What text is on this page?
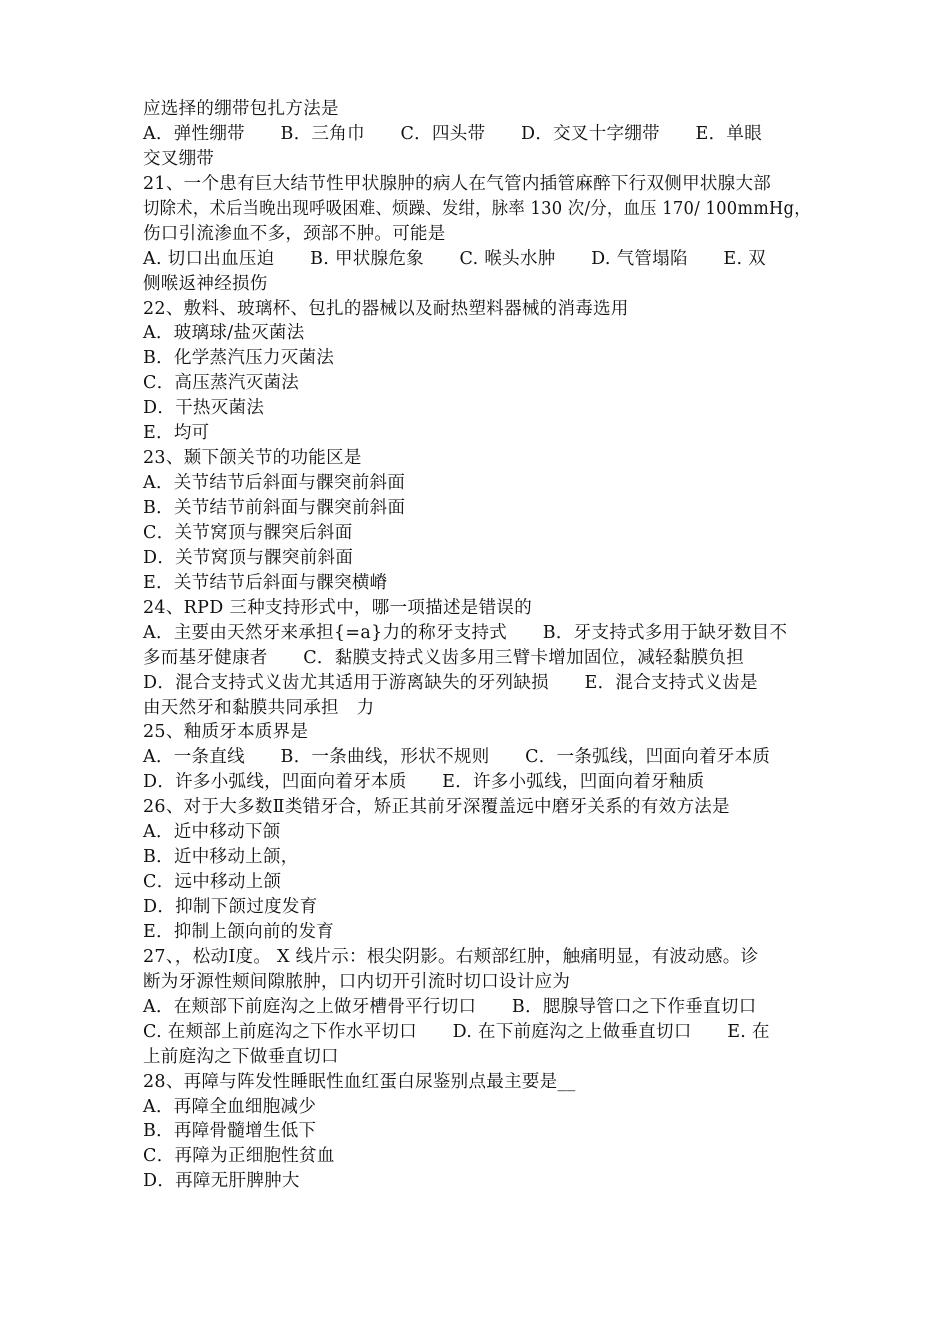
应选择的绷带包扎方法是
A．弹性绷带　　B．三角巾　　C．四头带　　D．交叉十字绷带　　E．单眼
交叉绷带
21、一个患有巨大结节性甲状腺肿的病人在气管内插管麻醉下行双侧甲状腺大部
切除术，术后当晚出现呼吸困难、烦躁、发绀，脉率 130 次/分，血压 170/ 100mmHg，
伤口引流渗血不多，颈部不肿。可能是
A. 切口出血压迫　　B. 甲状腺危象　　C. 喉头水肿　　D. 气管塌陷　　E. 双
侧喉返神经损伤
22、敷料、玻璃杯、包扎的器械以及耐热塑料器械的消毒选用
A．玻璃球/盐灭菌法
B．化学蒸汽压力灭菌法
C．高压蒸汽灭菌法
D．干热灭菌法
E．均可
23、颞下颌关节的功能区是
A．关节结节后斜面与髁突前斜面
B．关节结节前斜面与髁突前斜面
C．关节窝顶与髁突后斜面
D．关节窝顶与髁突前斜面
E．关节结节后斜面与髁突横嵴
24、RPD 三种支持形式中，哪一项描述是错误的
A．主要由天然牙来承担{=a}力的称牙支持式　　B．牙支持式多用于缺牙数目不
多而基牙健康者　　C．黏膜支持式义齿多用三臂卡增加固位，减轻黏膜负担
D．混合支持式义齿尤其适用于游离缺失的牙列缺损　　E．混合支持式义齿是
由天然牙和黏膜共同承担　力
25、釉质牙本质界是
A．一条直线　　B．一条曲线，形状不规则　　C．一条弧线，凹面向着牙本质
D．许多小弧线，凹面向着牙本质　　E．许多小弧线，凹面向着牙釉质
26、对于大多数Ⅱ类错牙合，矫正其前牙深覆盖远中磨牙关系的有效方法是
A．近中移动下颌
B．近中移动上颌，
C．远中移动上颌
D．抑制下颌过度发育
E．抑制上颌向前的发育
27、，松动Ⅰ度。 X 线片示：根尖阴影。右颊部红肿，触痛明显，有波动感。诊
断为牙源性颊间隙脓肿，口内切开引流时切口设计应为
A．在颊部下前庭沟之上做牙槽骨平行切口　　B．腮腺导管口之下作垂直切口
C. 在颊部上前庭沟之下作水平切口　　D. 在下前庭沟之上做垂直切口　　E. 在
上前庭沟之下做垂直切口
28、再障与阵发性睡眠性血红蛋白尿鉴别点最主要是__
A．再障全血细胞减少
B．再障骨髓增生低下
C．再障为正细胞性贫血
D．再障无肝脾肿大
